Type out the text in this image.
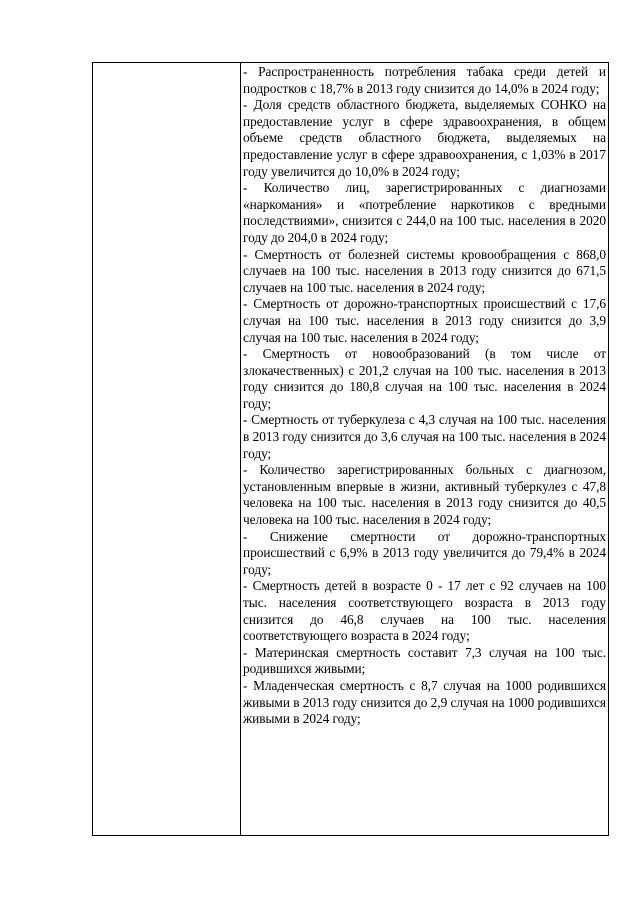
- Распространенность потребления табака среди детей и подростков с 18,7% в 2013 году снизится до 14,0% в 2024 году;

- Доля средств областного бюджета, выделяемых СОНКО на предоставление услуг в сфере здравоохранения, в общем объеме средств областного бюджета, выделяемых на предоставление услуг в сфере здравоохранения, с 1,03% в 2017 году увеличится до 10,0% в 2024 году;

- Количество лиц, зарегистрированных с диагнозами «наркомания» и «потребление наркотиков с вредными последствиями», снизится с 244,0 на 100 тыс. населения в 2020 году до 204,0 в 2024 году;

- Смертность от болезней системы кровообращения с 868,0 случаев на 100 тыс. населения в 2013 году снизится до 671,5 случаев на 100 тыс. населения в 2024 году;

- Смертность от дорожно-транспортных происшествий с 17,6 случая на 100 тыс. населения в 2013 году снизится до 3,9 случая на 100 тыс. населения в 2024 году;

- Смертность от новообразований (в том числе от злокачественных) с 201,2 случая на 100 тыс. населения в 2013 году снизится до 180,8 случая на 100 тыс. населения в 2024 году;

- Смертность от туберкулеза с 4,3 случая на 100 тыс. населения в 2013 году снизится до 3,6 случая на 100 тыс. населения в 2024 году;

- Количество зарегистрированных больных с диагнозом, установленным впервые в жизни, активный туберкулез с 47,8 человека на 100 тыс. населения в 2013 году снизится до 40,5 человека на 100 тыс. населения в 2024 году;

- Снижение смертности от дорожно-транспортных происшествий с 6,9% в 2013 году увеличится до 79,4% в 2024 году;

- Смертность детей в возрасте 0 - 17 лет с 92 случаев на 100 тыс. населения соответствующего возраста в 2013 году снизится до 46,8 случаев на 100 тыс. населения соответствующего возраста в 2024 году;

- Материнская смертность составит 7,3 случая на 100 тыс. родившихся живыми;

- Младенческая смертность с 8,7 случая на 1000 родившихся живыми в 2013 году снизится до 2,9 случая на 1000 родившихся живыми в 2024 году;
